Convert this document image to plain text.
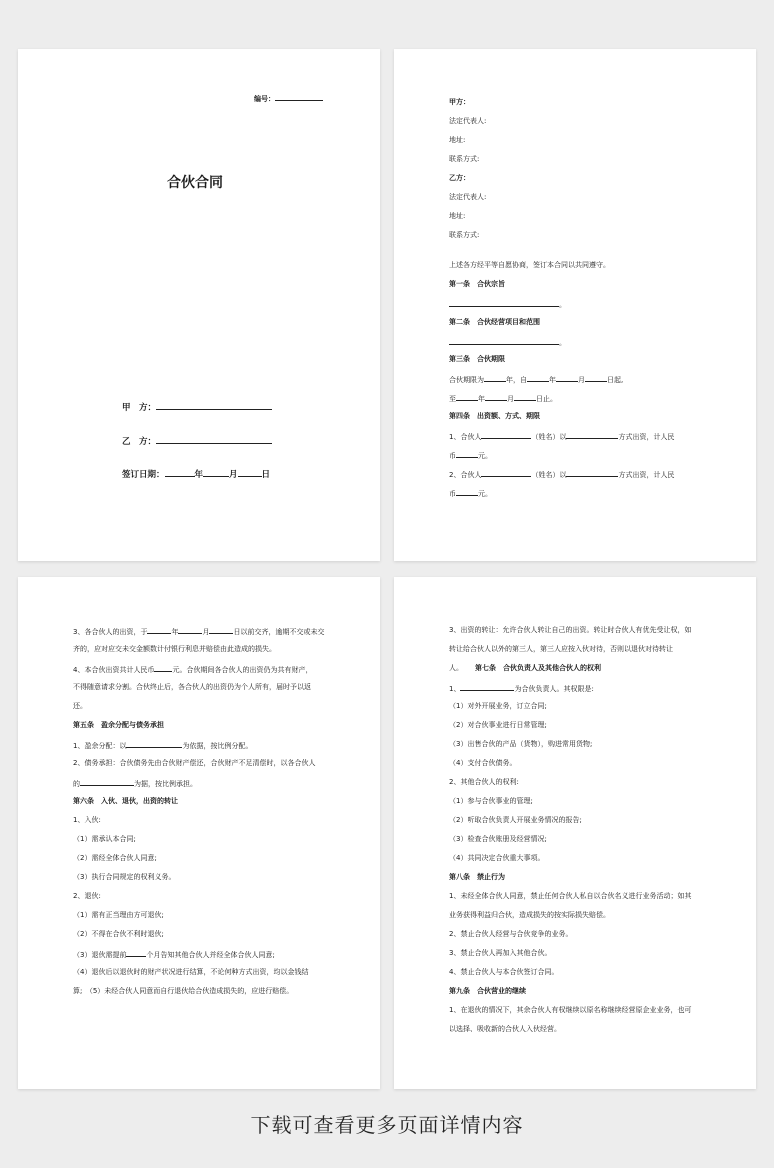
编号：
合伙合同
甲　方：
乙　方：
签订日期：	年	月	日
甲方：
法定代表人:
地址:
联系方式:
乙方：
法定代表人:
地址:
联系方式:
上述各方经平等自愿协商，签订本合同以共同遵守。
第一条　合伙宗旨
。
第二条　合伙经营项目和范围
。
第三条　合伙期限
合伙期限为	年，自	年	月	日起,
至	年	月	日止。
第四条　出资额、方式、期限
1、合伙人	（姓名）以	方式出资，计人民
币	元。
2、合伙人	（姓名）以	方式出资，计人民
币	元。
3、各合伙人的出资，于	年	月	日以前交齐，逾期不交或未交
齐的，应对应交未交金额数计付银行利息并赔偿由此造成的损失。
4、本合伙出资共计人民币	元。合伙期间各合伙人的出资仍为共有财产，
不得随意请求分割。合伙终止后，各合伙人的出资仍为个人所有，届时予以返
还。
第五条　盈余分配与债务承担
1、盈余分配：以	为依据，按比例分配。
2、债务承担：合伙债务先由合伙财产偿还，合伙财产不足清偿时，以各合伙人
的	为据，按比例承担。
第六条　入伙、退伙，出资的转让
1、入伙:
（1）需承认本合同;
（2）需经全体合伙人同意;
（3）执行合同规定的权利义务。
2、退伙:
（1）需有正当理由方可退伙;
（2）不得在合伙不利时退伙;
（3）退伙需提前	个月告知其他合伙人并经全体合伙人同意;
（4）退伙后以退伙时的财产状况进行结算，不论何种方式出资，均以金钱结
算;　（5）未经合伙人同意而自行退伙给合伙造成损失的，应进行赔偿。
3、出资的转让：允许合伙人转让自己的出资。转让时合伙人有优先受让权，如
转让给合伙人以外的第三人，第三人应按入伙对待，否则以退伙对待转让
人。 第七条　合伙负责人及其他合伙人的权利
1、	为合伙负责人。其权限是:
（1）对外开展业务，订立合同;
（2）对合伙事业进行日常管理;
（3）出售合伙的产品（货物），购进常用货物;
（4）支付合伙债务。
2、其他合伙人的权利:
（1）参与合伙事业的管理;
（2）听取合伙负责人开展业务情况的报告;
（3）检查合伙账册及经营情况;
（4）共同决定合伙重大事项。
第八条　禁止行为
1、未经全体合伙人同意，禁止任何合伙人私自以合伙名义进行业务活动；如其
业务获得利益归合伙，造成损失的按实际损失赔偿。
2、禁止合伙人经营与合伙竞争的业务。
3、禁止合伙人再加入其他合伙。
4、禁止合伙人与本合伙签订合同。
第九条　合伙营业的继续
1、在退伙的情况下，其余合伙人有权继续以原名称继续经营原企业业务，也可
以选择、吸收新的合伙人入伙经营。
下载可查看更多页面详情内容
